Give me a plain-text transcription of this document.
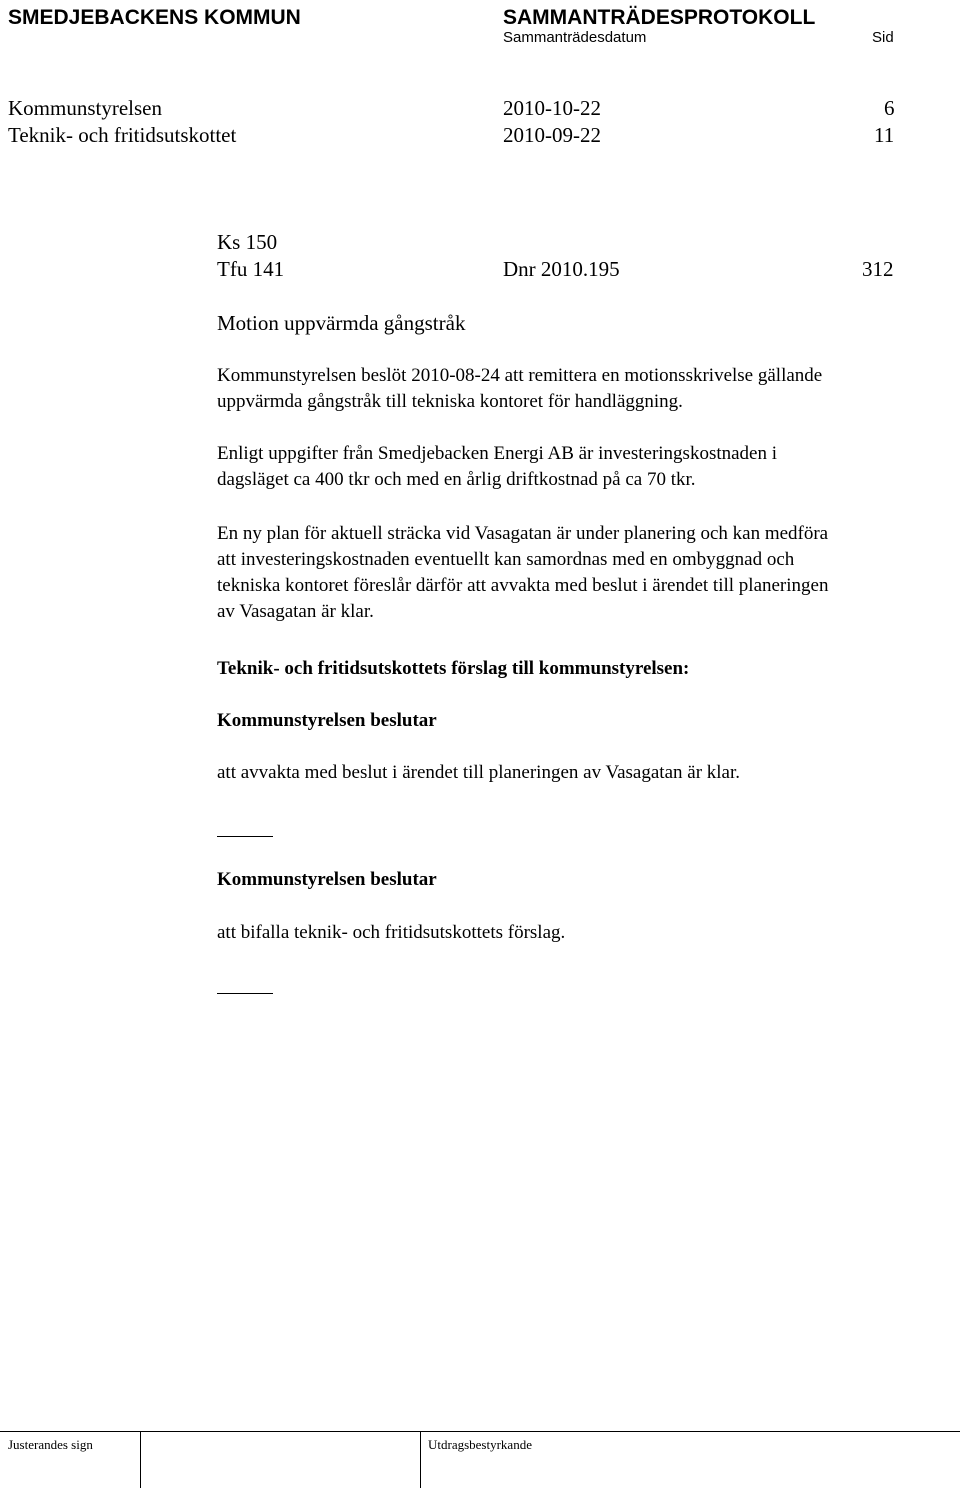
SMEDJEBACKENS KOMMUN	SAMMANTRÄDESPROTOKOLL
Sammanträdesdatum	Sid
Kommunstyrelsen	2010-10-22	6
Teknik- och fritidsutskottet	2010-09-22	11
Ks 150
Tfu 141	Dnr 2010.195	312
Motion uppvärmda gångstråk
Kommunstyrelsen beslöt 2010-08-24 att remittera en motionsskrivelse gällande
uppvärmda gångstråk till tekniska kontoret för handläggning.
Enligt uppgifter från Smedjebacken Energi AB är investeringskostnaden i
dagsläget ca 400 tkr och med en årlig driftkostnad på ca 70 tkr.
En ny plan för aktuell sträcka vid Vasagatan är under planering och kan medföra
att investeringskostnaden eventuellt kan samordnas med en ombyggnad och
tekniska kontoret föreslår därför att avvakta med beslut i ärendet till planeringen
av Vasagatan är klar.
Teknik- och fritidsutskottets förslag till kommunstyrelsen:
Kommunstyrelsen beslutar
att avvakta med beslut i ärendet till planeringen av Vasagatan är klar.
Kommunstyrelsen beslutar
att bifalla teknik- och fritidsutskottets förslag.
Justerandes sign	Utdragsbestyrkande
